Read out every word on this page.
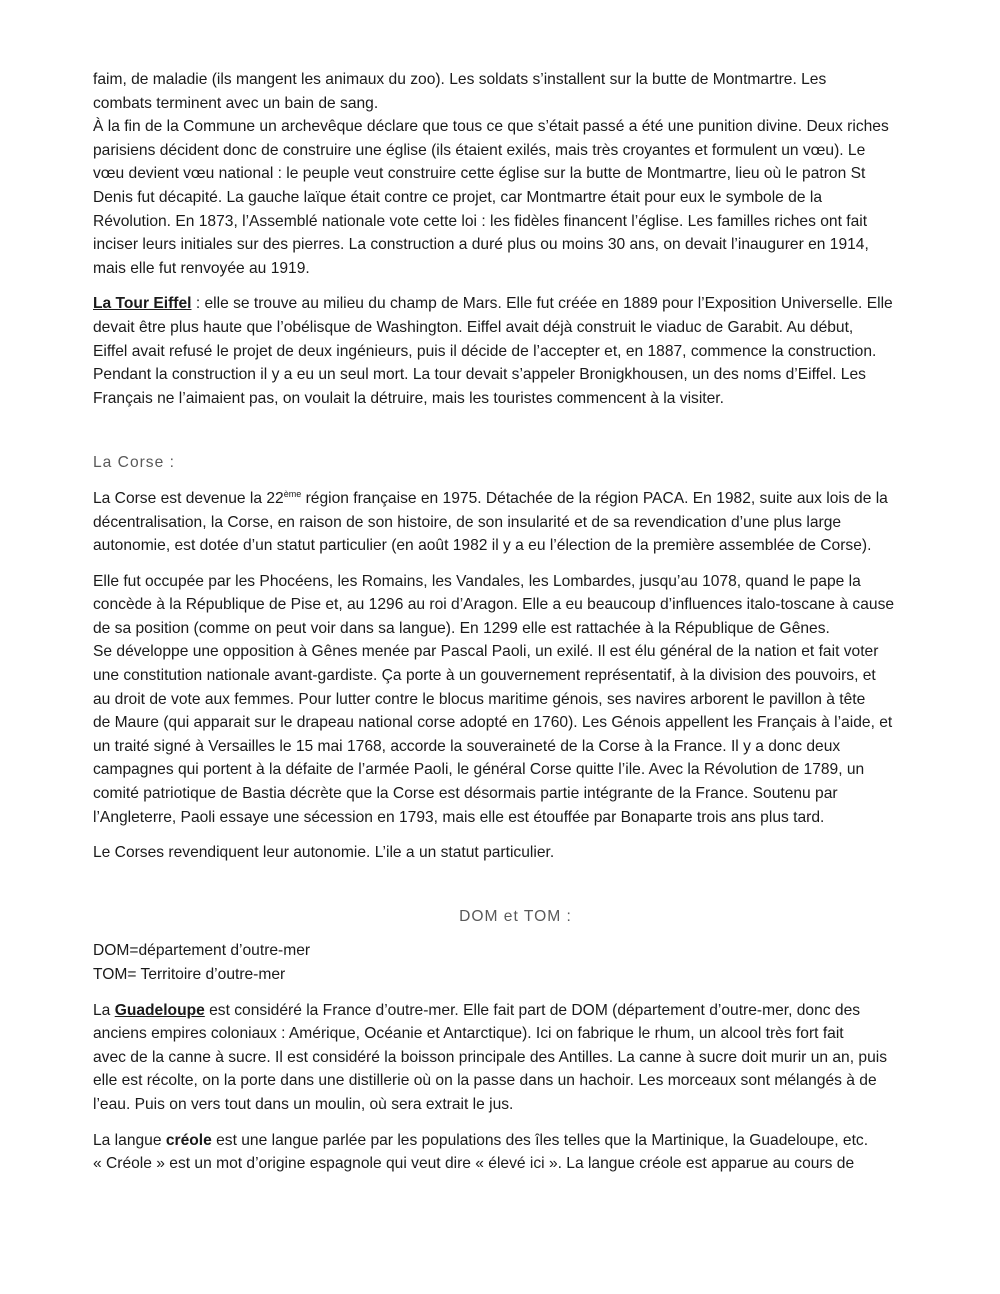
faim, de maladie (ils mangent les animaux du zoo). Les soldats s’installent sur la butte de Montmartre. Les
combats terminent avec un bain de sang.
À la fin de la Commune un archevêque déclare que tous ce que s’était passé a été une punition divine. Deux riches
parisiens décident donc de construire une église (ils étaient exilés, mais très croyantes et formulent un vœu). Le
vœu devient vœu national : le peuple veut construire cette église sur la butte de Montmartre, lieu où le patron St
Denis fut décapité. La gauche laïque était contre ce projet, car Montmartre était pour eux le symbole de la
Révolution. En 1873, l’Assemblé nationale vote cette loi : les fidèles financent l’église. Les familles riches ont fait
inciser leurs initiales sur des pierres. La construction a duré plus ou moins 30 ans, on devait l’inaugurer en 1914,
mais elle fut renvoyée au 1919.

La Tour Eiffel : elle se trouve au milieu du champ de Mars. Elle fut créée en 1889 pour l’Exposition Universelle. Elle
devait être plus haute que l’obélisque de Washington. Eiffel avait déjà construit le viaduc de Garabit. Au début,
Eiffel avait refusé le projet de deux ingénieurs, puis il décide de l’accepter et, en 1887, commence la construction.
Pendant la construction il y a eu un seul mort. La tour devait s’appeler Bronigkhousen, un des noms d’Eiffel. Les
Français ne l’aimaient pas, on voulait la détruire, mais les touristes commencent à la visiter.

La Corse :

La Corse est devenue la 22ème région française en 1975. Détachée de la région PACA. En 1982, suite aux lois de la
décentralisation, la Corse, en raison de son histoire, de son insularité et de sa revendication d’une plus large
autonomie, est dotée d’un statut particulier (en août 1982 il y a eu l’élection de la première assemblée de Corse).

Elle fut occupée par les Phocéens, les Romains, les Vandales, les Lombardes, jusqu’au 1078, quand le pape la
concède à la République de Pise et, au 1296 au roi d’Aragon. Elle a eu beaucoup d’influences italo-toscane à cause
de sa position (comme on peut voir dans sa langue). En 1299 elle est rattachée à la République de Gênes.
Se développe une opposition à Gênes menée par Pascal Paoli, un exilé. Il est élu général de la nation et fait voter
une constitution nationale avant-gardiste. Ça porte à un gouvernement représentatif, à la division des pouvoirs, et
au droit de vote aux femmes. Pour lutter contre le blocus maritime génois, ses navires arborent le pavillon à tête
de Maure (qui apparait sur le drapeau national corse adopté en 1760). Les Génois appellent les Français à l’aide, et
un traité signé à Versailles le 15 mai 1768, accorde la souveraineté de la Corse à la France. Il y a donc deux
campagnes qui portent à la défaite de l’armée Paoli, le général Corse quitte l’ile. Avec la Révolution de 1789, un
comité patriotique de Bastia décrète que la Corse est désormais partie intégrante de la France. Soutenu par
l’Angleterre, Paoli essaye une sécession en 1793, mais elle est étouffée par Bonaparte trois ans plus tard.

Le Corses revendiquent leur autonomie. L’ile a un statut particulier.

DOM et TOM :

DOM=département d’outre-mer
TOM= Territoire d’outre-mer

La Guadeloupe est considéré la France d’outre-mer. Elle fait part de DOM (département d’outre-mer, donc des
anciens empires coloniaux : Amérique, Océanie et Antarctique). Ici on fabrique le rhum, un alcool très fort fait
avec de la canne à sucre. Il est considéré la boisson principale des Antilles. La canne à sucre doit murir un an, puis
elle est récolte, on la porte dans une distillerie où on la passe dans un hachoir. Les morceaux sont mélangés à de
l’eau. Puis on vers tout dans un moulin, où sera extrait le jus.

La langue créole est une langue parlée par les populations des îles telles que la Martinique, la Guadeloupe, etc.
« Créole » est un mot d’origine espagnole qui veut dire « élevé ici ». La langue créole est apparue au cours de
